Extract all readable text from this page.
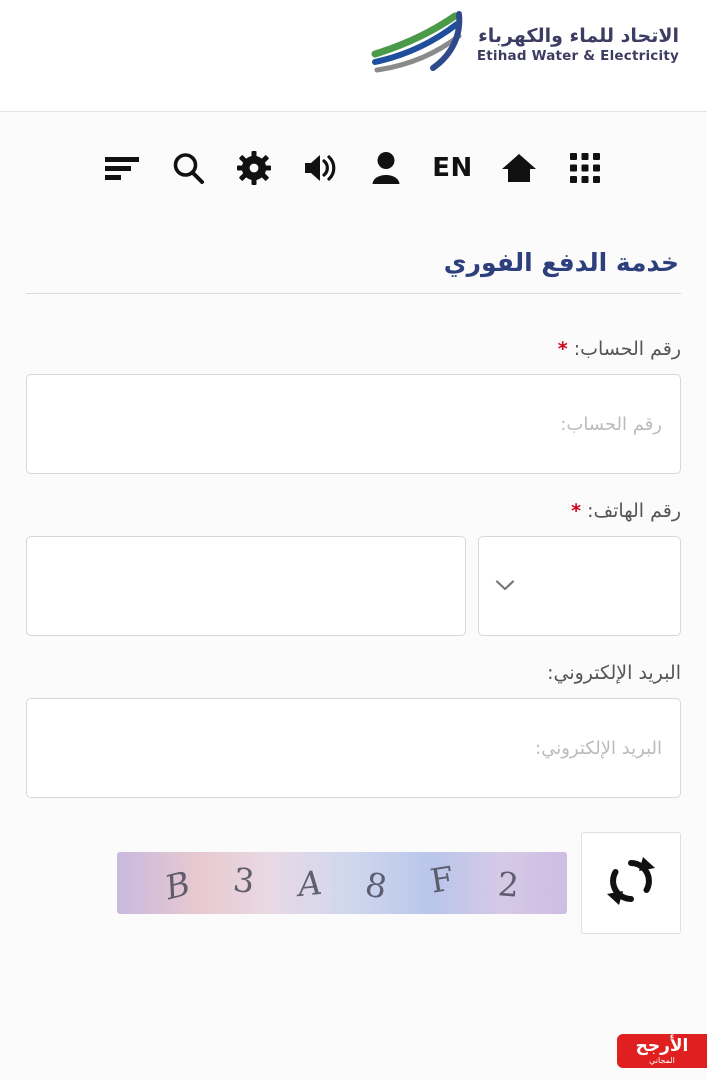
الاتحاد للماء والكهرباء
Etihad Water & Electricity
EN
خدمة الدفع الفوري
رقم الحساب: *
رقم الحساب:
رقم الهاتف: *
البريد الإلكتروني:
البريد الإلكتروني:
B 3 A 8 F 2
الأرجح
المجاني
